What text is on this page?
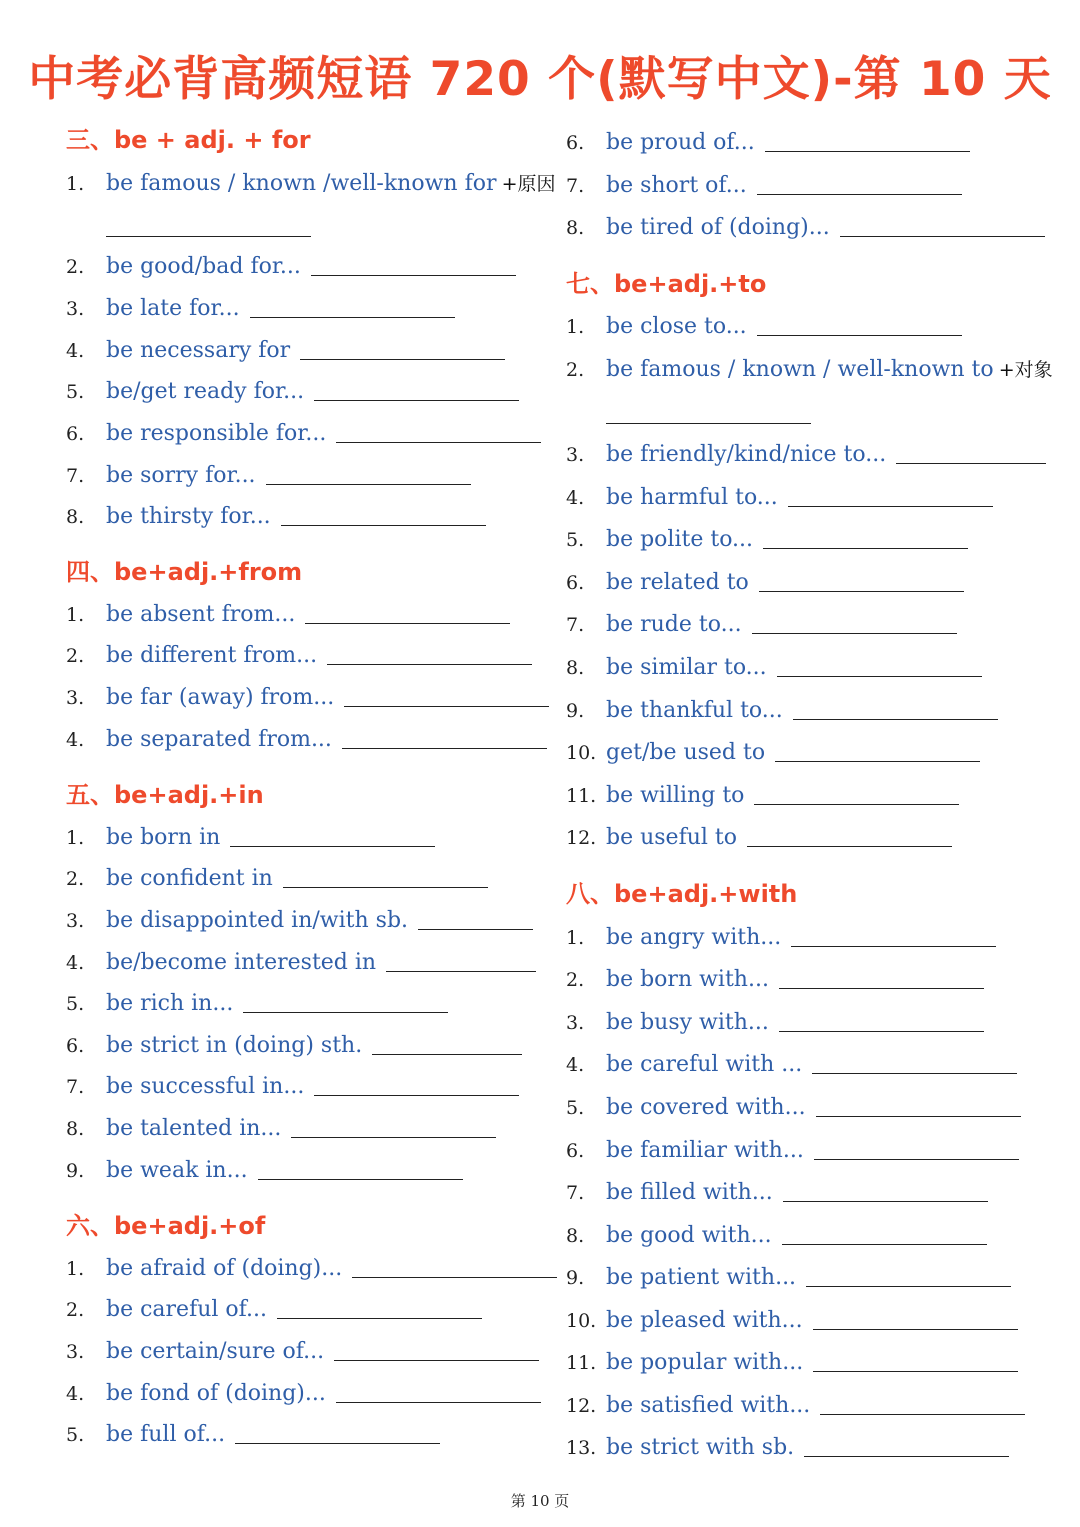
中考必背高频短语 720 个(默写中文)-第 10 天
三、be + adj. + for
1. be famous / known /well-known for +原因
2. be good/bad for...
3. be late for...
4. be necessary for
5. be/get ready for...
6. be responsible for...
7. be sorry for...
8. be thirsty for...
四、be+adj.+from
1. be absent from...
2. be different from...
3. be far (away) from...
4. be separated from...
五、be+adj.+in
1. be born in
2. be confident in
3. be disappointed in/with sb.
4. be/become interested in
5. be rich in...
6. be strict in (doing) sth.
7. be successful in...
8. be talented in...
9. be weak in...
六、be+adj.+of
1. be afraid of (doing)...
2. be careful of...
3. be certain/sure of...
4. be fond of (doing)...
5. be full of...
6. be proud of...
7. be short of...
8. be tired of (doing)...
七、be+adj.+to
1. be close to...
2. be famous / known / well-known to +对象
3. be friendly/kind/nice to...
4. be harmful to...
5. be polite to...
6. be related to
7. be rude to...
8. be similar to...
9. be thankful to...
10. get/be used to
11. be willing to
12. be useful to
八、be+adj.+with
1. be angry with...
2. be born with...
3. be busy with...
4. be careful with ...
5. be covered with...
6. be familiar with...
7. be filled with...
8. be good with...
9. be patient with...
10. be pleased with...
11. be popular with...
12. be satisfied with...
13. be strict with sb.
第 10 页
